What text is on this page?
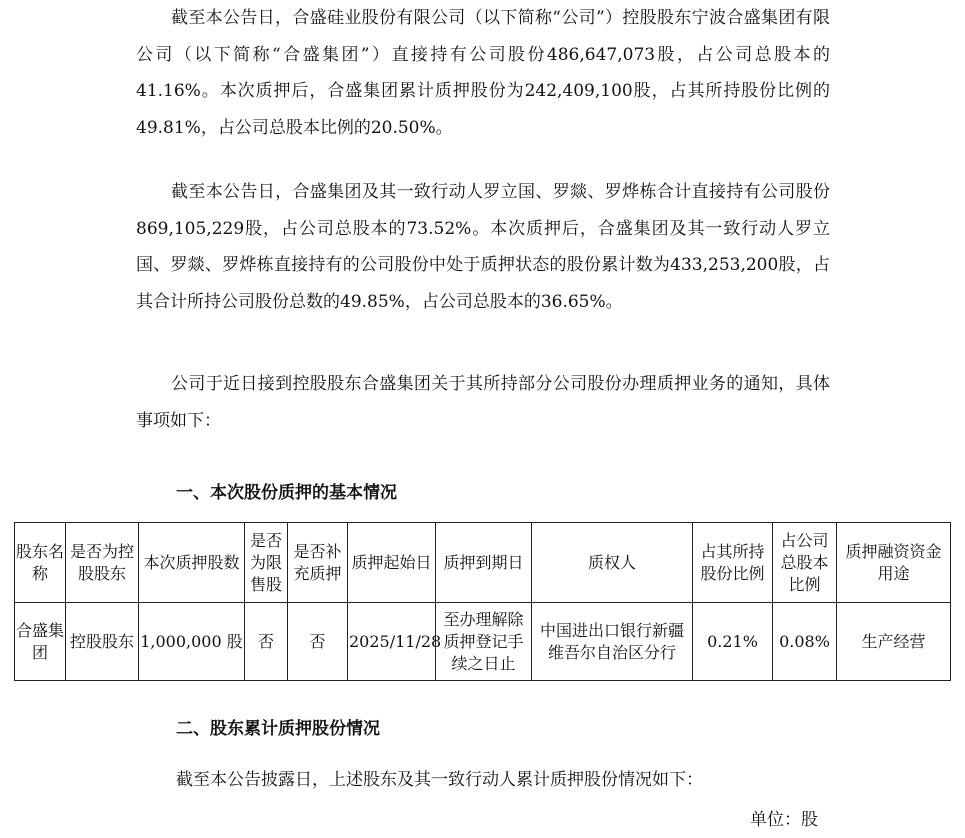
截至本公告日，合盛硅业股份有限公司（以下简称“公司”）控股股东宁波合盛集团有限公司（以下简称“合盛集团”）直接持有公司股份486,647,073股，占公司总股本的41.16%。本次质押后，合盛集团累计质押股份为242,409,100股，占其所持股份比例的49.81%，占公司总股本比例的20.50%。

截至本公告日，合盛集团及其一致行动人罗立国、罗燚、罗烨栋合计直接持有公司股份869,105,229股，占公司总股本的73.52%。本次质押后，合盛集团及其一致行动人罗立国、罗燚、罗烨栋直接持有的公司股份中处于质押状态的股份累计数为433,253,200股，占其合计所持公司股份总数的49.85%，占公司总股本的36.65%。

公司于近日接到控股股东合盛集团关于其所持部分公司股份办理质押业务的通知，具体事项如下：

一、本次股份质押的基本情况
股东名称	是否为控股股东	本次质押股数	是否为限售股	是否补充质押	质押起始日	质押到期日	质权人	占其所持股份比例	占公司总股本比例	质押融资资金用途
合盛集团	控股股东	1,000,000 股	否	否	2025/11/28	至办理解除质押登记手续之日止	中国进出口银行新疆维吾尔自治区分行	0.21%	0.08%	生产经营
二、股东累计质押股份情况

截至本公告披露日，上述股东及其一致行动人累计质押股份情况如下：

单位：股
